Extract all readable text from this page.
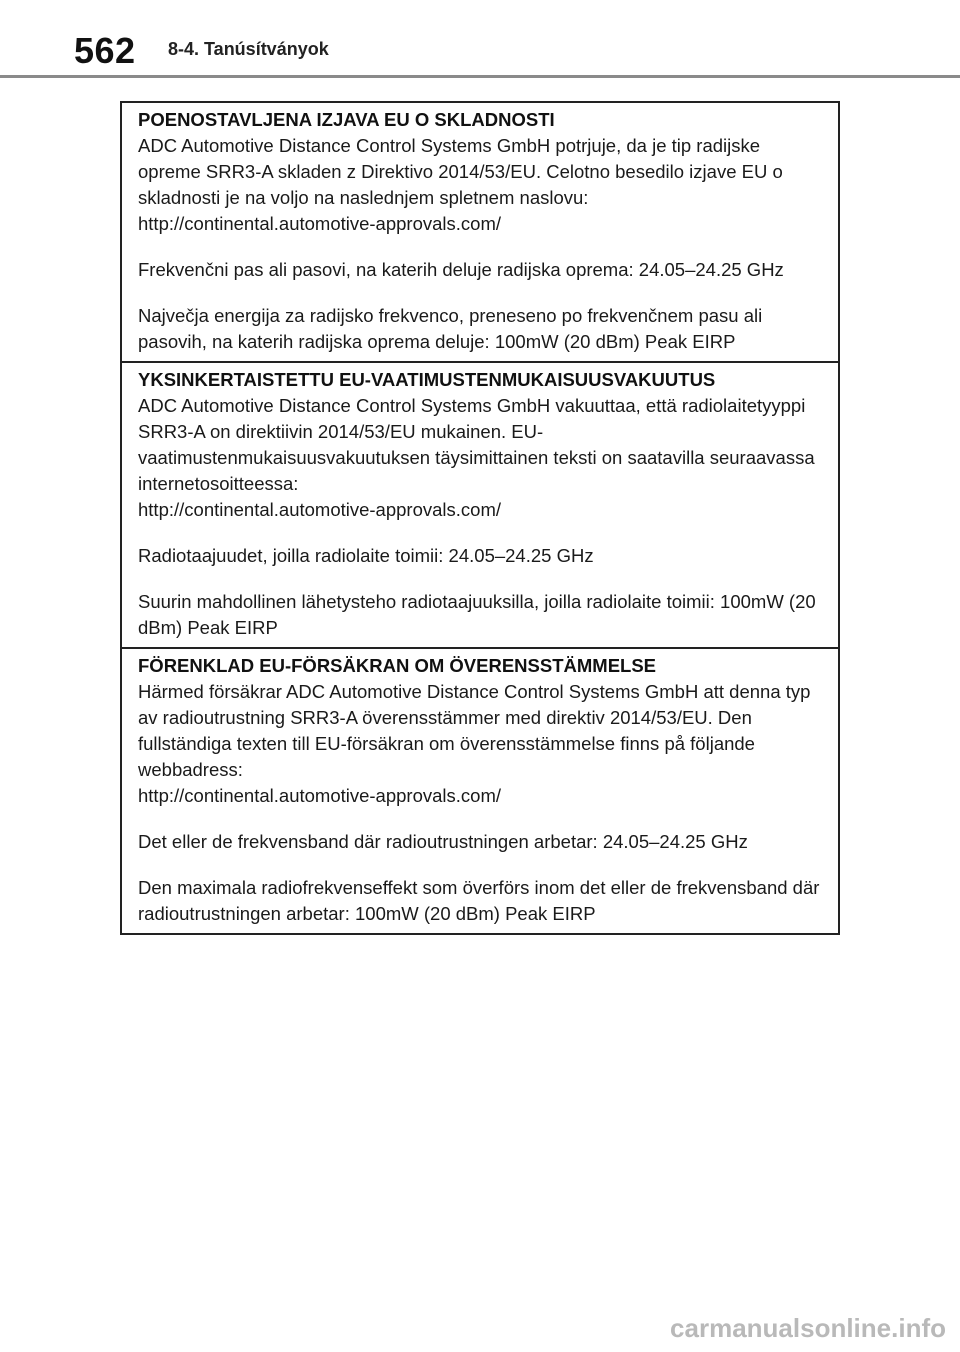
562 8-4. Tanúsítványok

POENOSTAVLJENA IZJAVA EU O SKLADNOSTI

ADC Automotive Distance Control Systems GmbH potrjuje, da je tip radijske opreme SRR3-A skladen z Direktivo 2014/53/EU. Celotno besedilo izjave EU o skladnosti je na voljo na naslednjem spletnem naslovu:

http://continental.automotive-approvals.com/

Frekvenčni pas ali pasovi, na katerih deluje radijska oprema: 24.05–24.25 GHz

Največja energija za radijsko frekvenco, preneseno po frekvenčnem pasu ali pasovih, na katerih radijska oprema deluje: 100mW (20 dBm) Peak EIRP

YKSINKERTAISTETTU EU-VAATIMUSTENMUKAISUUSVAKUUTUS

ADC Automotive Distance Control Systems GmbH vakuuttaa, että radiolaitetyyppi SRR3-A on direktiivin 2014/53/EU mukainen. EU-vaatimustenmukaisuusvakuutuksen täysimittainen teksti on saatavilla seuraavassa internetosoitteessa:

http://continental.automotive-approvals.com/

Radiotaajuudet, joilla radiolaite toimii: 24.05–24.25 GHz

Suurin mahdollinen lähetysteho radiotaajuuksilla, joilla radiolaite toimii: 100mW (20 dBm) Peak EIRP

FÖRENKLAD EU-FÖRSÄKRAN OM ÖVERENSSTÄMMELSE

Härmed försäkrar ADC Automotive Distance Control Systems GmbH att denna typ av radioutrustning SRR3-A överensstämmer med direktiv 2014/53/EU. Den fullständiga texten till EU-försäkran om överensstämmelse finns på följande webbadress:

http://continental.automotive-approvals.com/

Det eller de frekvensband där radioutrustningen arbetar: 24.05–24.25 GHz

Den maximala radiofrekvenseffekt som överförs inom det eller de frekvensband där radioutrustningen arbetar: 100mW (20 dBm) Peak EIRP

carmanualsonline.info
